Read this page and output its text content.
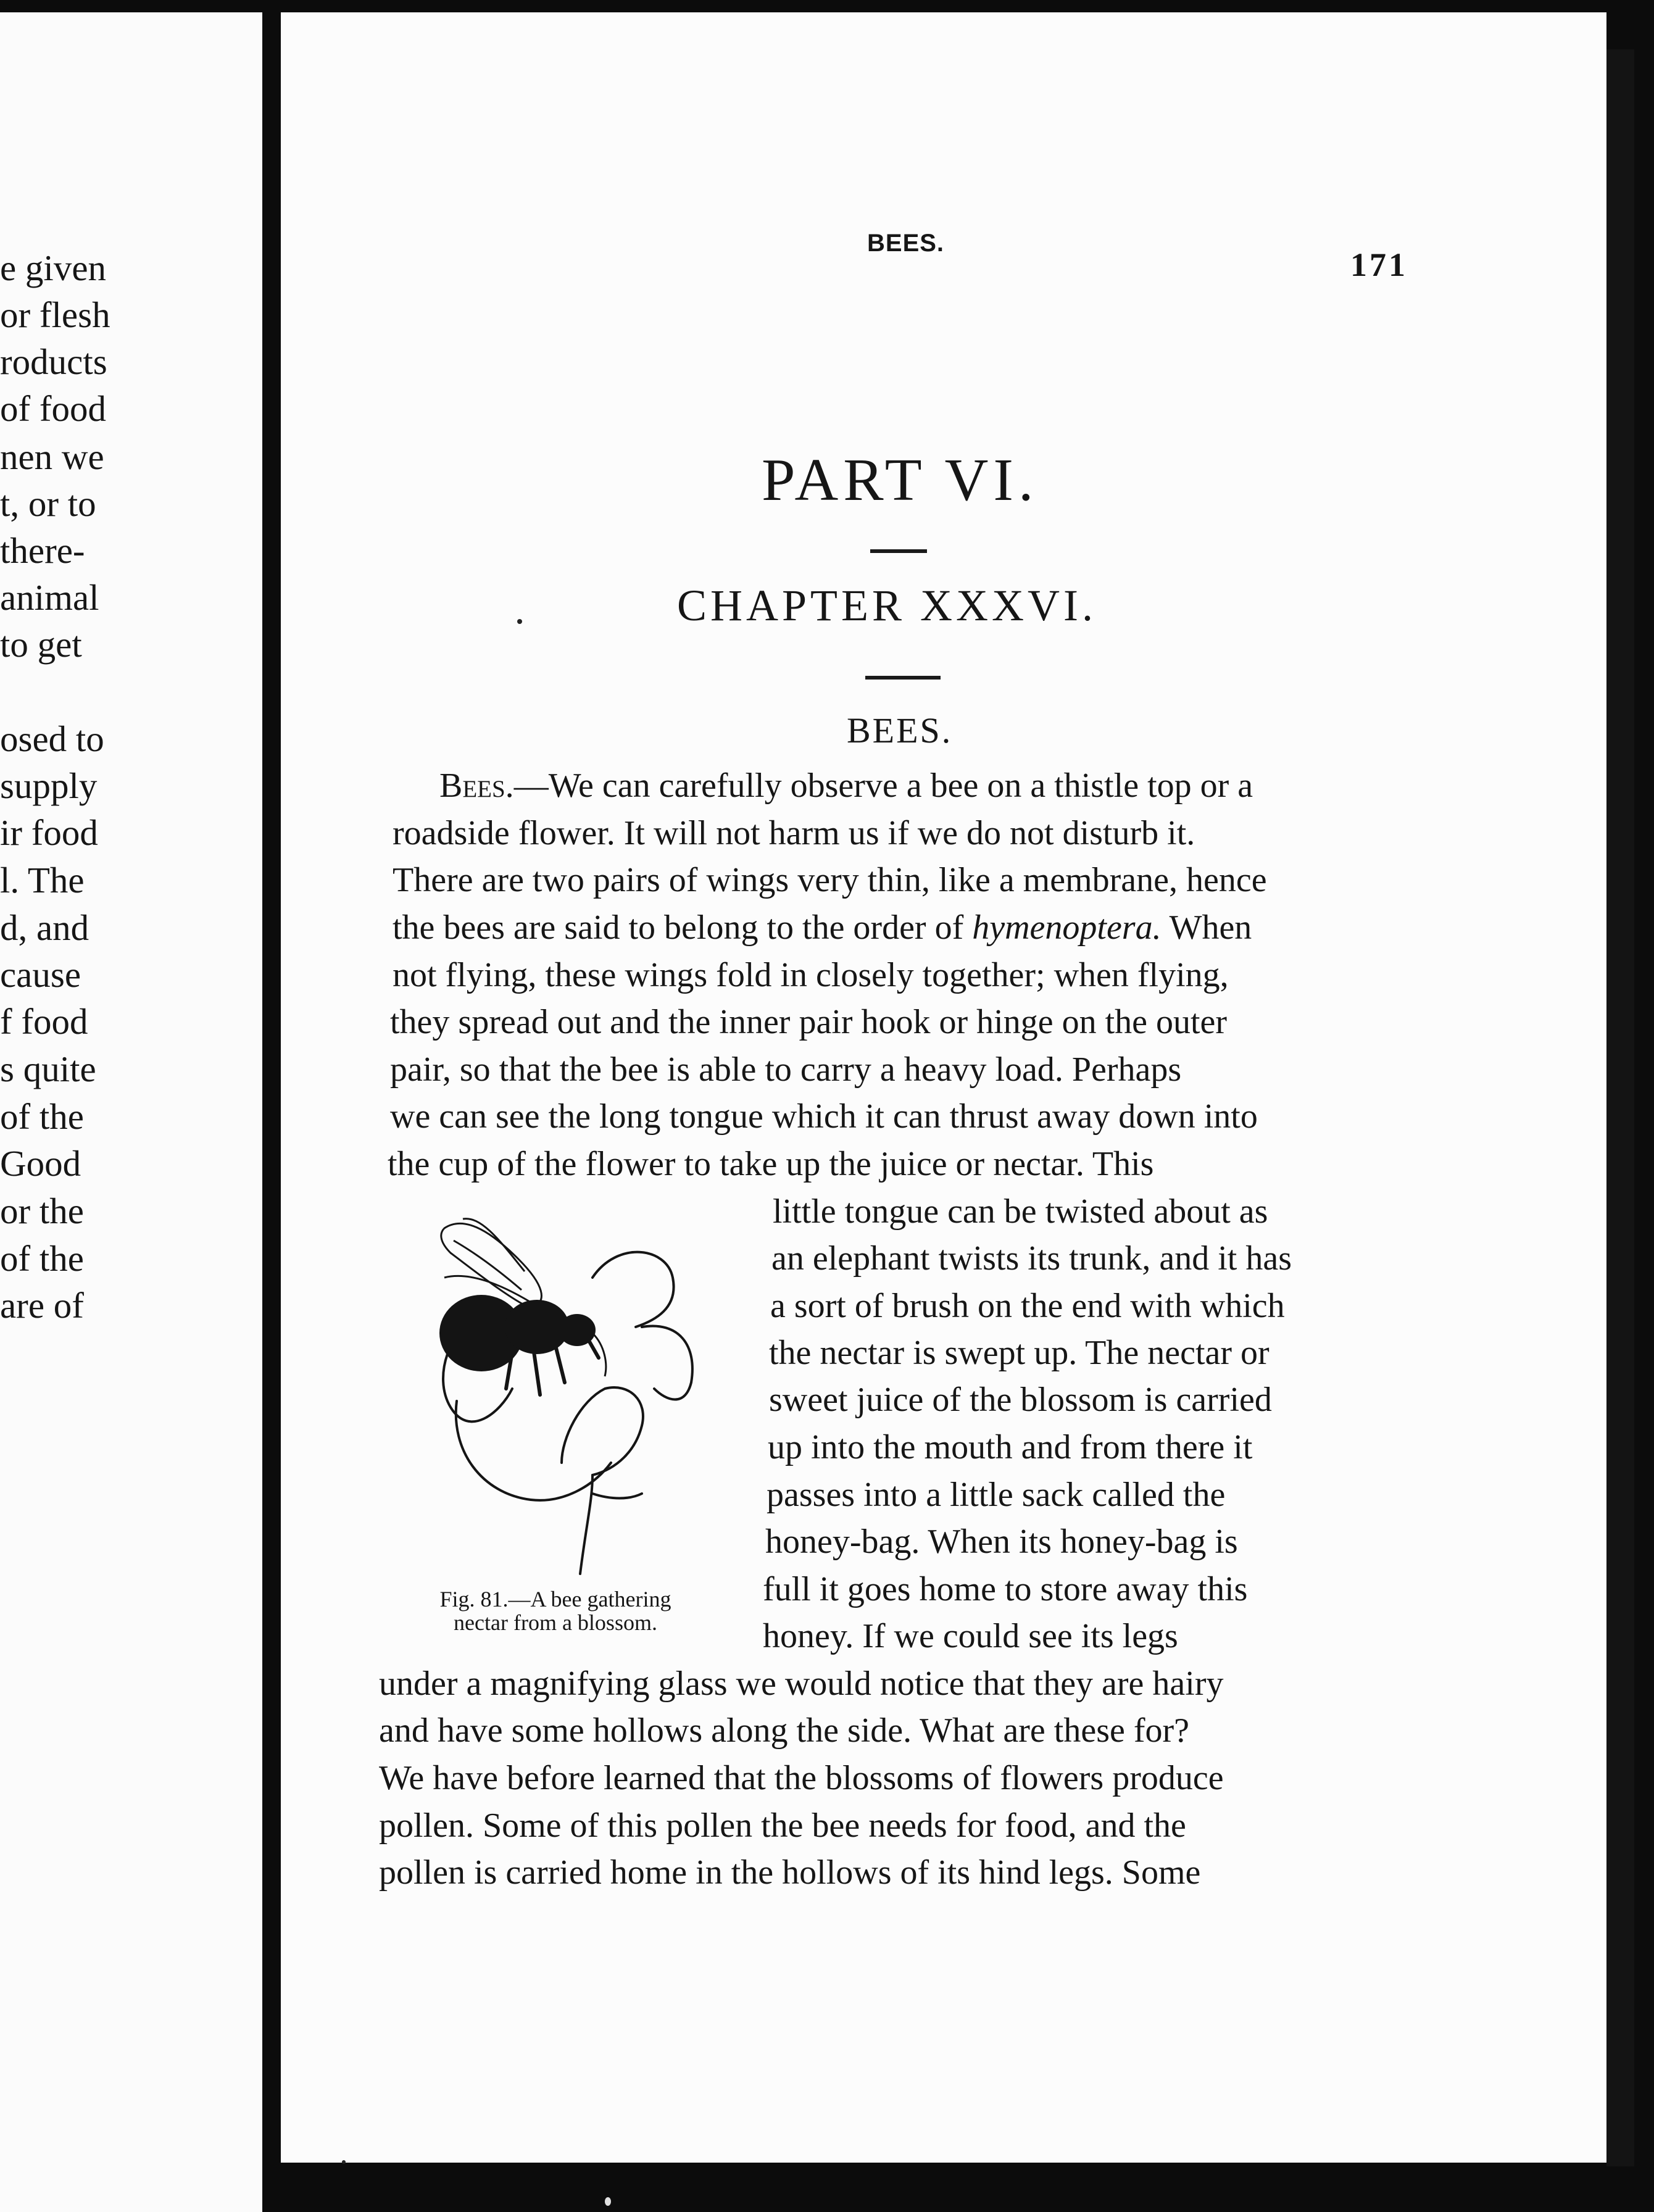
e given
or flesh
roducts
of food
nen we
t, or to
there-
animal
to get
osed to
supply
ir food
l. The
d, and
cause
f food
s quite
of the
Good
or the
of the
are of
BEES.
171
PART VI.
CHAPTER XXXVI.
BEES.
Bees.—We can carefully observe a bee on a thistle top or a
roadside flower. It will not harm us if we do not disturb it.
There are two pairs of wings very thin, like a membrane, hence
the bees are said to belong to the order of hymenoptera. When
not flying, these wings fold in closely together; when flying,
they spread out and the inner pair hook or hinge on the outer
pair, so that the bee is able to carry a heavy load. Perhaps
we can see the long tongue which it can thrust away down into
the cup of the flower to take up the juice or nectar. This
little tongue can be twisted about as
an elephant twists its trunk, and it has
a sort of brush on the end with which
the nectar is swept up. The nectar or
sweet juice of the blossom is carried
up into the mouth and from there it
passes into a little sack called the
honey-bag. When its honey-bag is
full it goes home to store away this
honey. If we could see its legs
under a magnifying glass we would notice that they are hairy
and have some hollows along the side. What are these for?
We have before learned that the blossoms of flowers produce
pollen. Some of this pollen the bee needs for food, and the
pollen is carried home in the hollows of its hind legs. Some
Fig. 81.—A bee gathering
nectar from a blossom.
